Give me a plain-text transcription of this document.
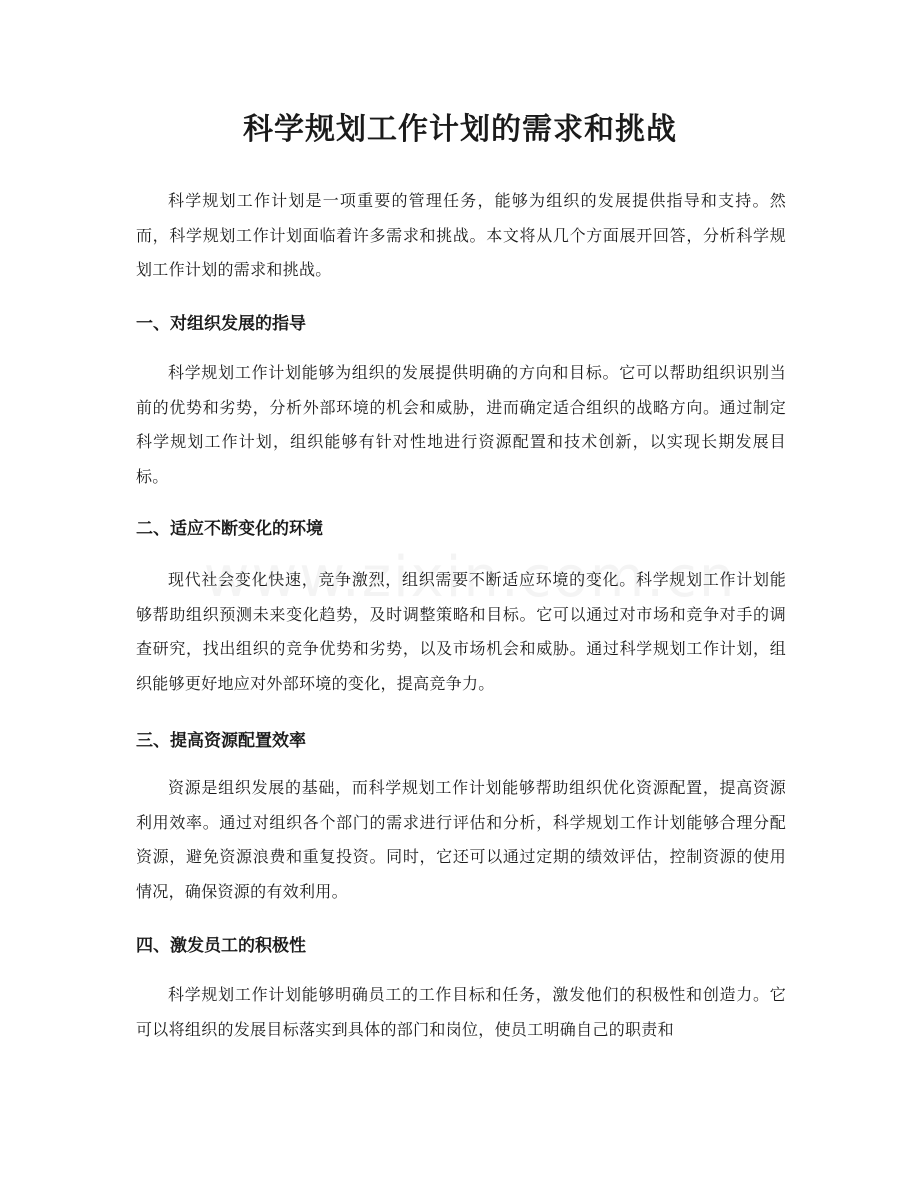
科学规划工作计划的需求和挑战

科学规划工作计划是一项重要的管理任务，能够为组织的发展提供指导和支持。然而，科学规划工作计划面临着许多需求和挑战。本文将从几个方面展开回答，分析科学规划工作计划的需求和挑战。

一、对组织发展的指导

科学规划工作计划能够为组织的发展提供明确的方向和目标。它可以帮助组织识别当前的优势和劣势，分析外部环境的机会和威胁，进而确定适合组织的战略方向。通过制定科学规划工作计划，组织能够有针对性地进行资源配置和技术创新，以实现长期发展目标。

二、适应不断变化的环境

现代社会变化快速，竞争激烈，组织需要不断适应环境的变化。科学规划工作计划能够帮助组织预测未来变化趋势，及时调整策略和目标。它可以通过对市场和竞争对手的调查研究，找出组织的竞争优势和劣势，以及市场机会和威胁。通过科学规划工作计划，组织能够更好地应对外部环境的变化，提高竞争力。

三、提高资源配置效率

资源是组织发展的基础，而科学规划工作计划能够帮助组织优化资源配置，提高资源利用效率。通过对组织各个部门的需求进行评估和分析，科学规划工作计划能够合理分配资源，避免资源浪费和重复投资。同时，它还可以通过定期的绩效评估，控制资源的使用情况，确保资源的有效利用。

四、激发员工的积极性

科学规划工作计划能够明确员工的工作目标和任务，激发他们的积极性和创造力。它可以将组织的发展目标落实到具体的部门和岗位，使员工明确自己的职责和
